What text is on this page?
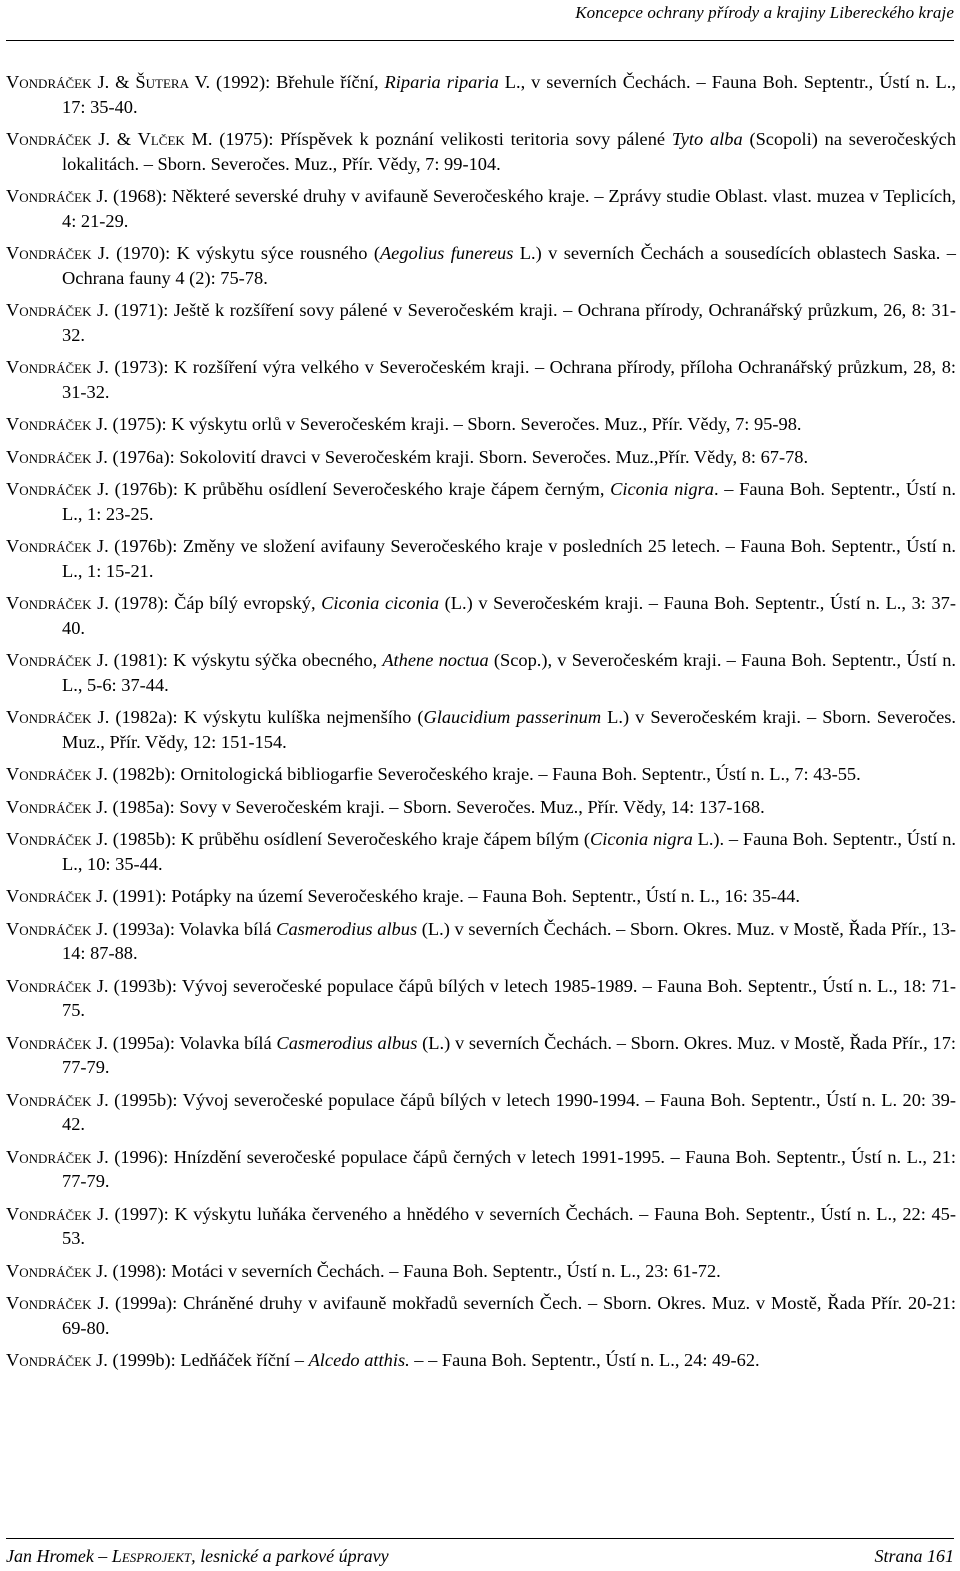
Koncepce ochrany přírody a krajiny Libereckého kraje

Vondráček J. & Šutera V. (1992): Břehule říční, Riparia riparia L., v severních Čechách. – Fauna Boh. Septentr., Ústí n. L., 17: 35-40.

Vondráček J. & Vlček M. (1975): Příspěvek k poznání velikosti teritoria sovy pálené Tyto alba (Scopoli) na severočeských lokalitách. – Sborn. Severočes. Muz., Přír. Vědy, 7: 99-104.

Vondráček J. (1968): Některé severské druhy v avifauně Severočeského kraje. – Zprávy studie Oblast. vlast. muzea v Teplicích, 4: 21-29.

Vondráček J. (1970): K výskytu sýce rousného (Aegolius funereus L.) v severních Čechách a sousedících oblastech Saska. – Ochrana fauny 4 (2): 75-78.

Vondráček J. (1971): Ještě k rozšíření sovy pálené v Severočeském kraji. – Ochrana přírody, Ochranářský průzkum, 26, 8: 31-32.

Vondráček J. (1973): K rozšíření výra velkého v Severočeském kraji. – Ochrana přírody, příloha Ochranářský průzkum, 28, 8: 31-32.

Vondráček J. (1975): K výskytu orlů v Severočeském kraji. – Sborn. Severočes. Muz., Přír. Vědy, 7: 95-98.

Vondráček J. (1976a): Sokolovití dravci v Severočeském kraji. Sborn. Severočes. Muz.,Přír. Vědy, 8: 67-78.

Vondráček J. (1976b): K průběhu osídlení Severočeského kraje čápem černým, Ciconia nigra. – Fauna Boh. Septentr., Ústí n. L., 1: 23-25.

Vondráček J. (1976b): Změny ve složení avifauny Severočeského kraje v posledních 25 letech. – Fauna Boh. Septentr., Ústí n. L., 1: 15-21.

Vondráček J. (1978): Čáp bílý evropský, Ciconia ciconia (L.) v Severočeském kraji. – Fauna Boh. Septentr., Ústí n. L., 3: 37-40.

Vondráček J. (1981): K výskytu sýčka obecného, Athene noctua (Scop.), v Severočeském kraji. – Fauna Boh. Septentr., Ústí n. L., 5-6: 37-44.

Vondráček J. (1982a): K výskytu kulíška nejmenšího (Glaucidium passerinum L.) v Severočeském kraji. – Sborn. Severočes. Muz., Přír. Vědy, 12: 151-154.

Vondráček J. (1982b): Ornitologická bibliogarfie Severočeského kraje. – Fauna Boh. Septentr., Ústí n. L., 7: 43-55.

Vondráček J. (1985a): Sovy v Severočeském kraji. – Sborn. Severočes. Muz., Přír. Vědy, 14: 137-168.

Vondráček J. (1985b): K průběhu osídlení Severočeského kraje čápem bílým (Ciconia nigra L.). – Fauna Boh. Septentr., Ústí n. L., 10: 35-44.

Vondráček J. (1991): Potápky na území Severočeského kraje. – Fauna Boh. Septentr., Ústí n. L., 16: 35-44.

Vondráček J. (1993a): Volavka bílá Casmerodius albus (L.) v severních Čechách. – Sborn. Okres. Muz. v Mostě, Řada Přír., 13-14: 87-88.

Vondráček J. (1993b): Vývoj severočeské populace čápů bílých v letech 1985-1989. – Fauna Boh. Septentr., Ústí n. L., 18: 71-75.

Vondráček J. (1995a): Volavka bílá Casmerodius albus (L.) v severních Čechách. – Sborn. Okres. Muz. v Mostě, Řada Přír., 17: 77-79.

Vondráček J. (1995b): Vývoj severočeské populace čápů bílých v letech 1990-1994. – Fauna Boh. Septentr., Ústí n. L. 20: 39-42.

Vondráček J. (1996): Hnízdění severočeské populace čápů černých v letech 1991-1995. – Fauna Boh. Septentr., Ústí n. L., 21: 77-79.

Vondráček J. (1997): K výskytu luňáka červeného a hnědého v severních Čechách. – Fauna Boh. Septentr., Ústí n. L., 22: 45-53.

Vondráček J. (1998): Motáci v severních Čechách. – Fauna Boh. Septentr., Ústí n. L., 23: 61-72.

Vondráček J. (1999a): Chráněné druhy v avifauně mokřadů severních Čech. – Sborn. Okres. Muz. v Mostě, Řada Přír. 20-21: 69-80.

Vondráček J. (1999b): Ledňáček říční – Alcedo atthis. – – Fauna Boh. Septentr., Ústí n. L., 24: 49-62.

Jan Hromek – Lesprojekt, lesnické a parkové úpravy	Strana 161
